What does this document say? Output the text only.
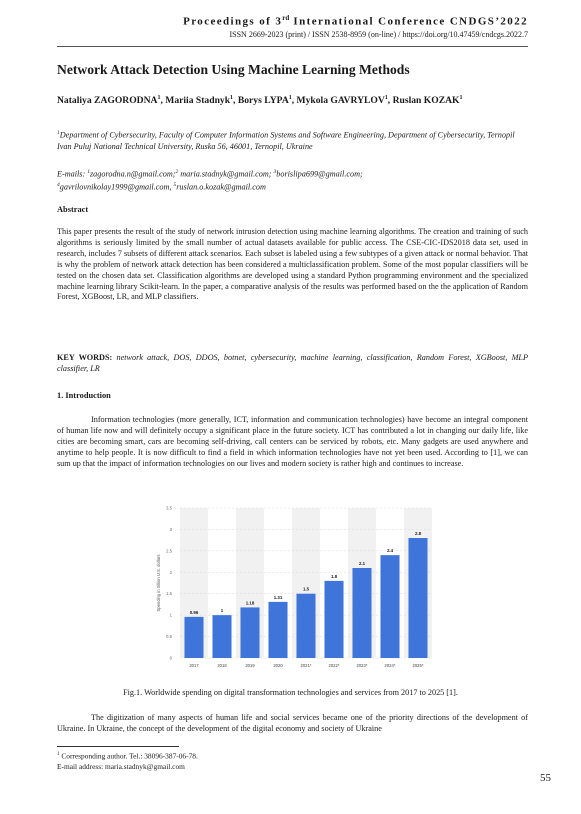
Proceedings of 3rd International Conference CNDGS’2022
ISSN 2669-2023 (print) / ISSN 2538-8959 (on-line) / https://doi.org/10.47459/cndcgs.2022.7
Network Attack Detection Using Machine Learning Methods
Nataliya ZAGORODNA$^1$, Mariia Stadnyk$^1$, Borys LYPA$^1$, Mykola GAVRYLOV$^1$, Ruslan KOZAK$^1$
$^1$Department of Cybersecurity, Faculty of Computer Information Systems and Software Engineering, Department of Cybersecurity, Ternopil Ivan Puluj National Technical University, Ruska 56, 46001, Ternopil, Ukraine
E-mails: $^1$zagorodna.n@gmail.com;$^2$ maria.stadnyk@gmail.com; $^3$borislipa699@gmail.com;
$^4$gavrilovnikolay1999@gmail.com, $^5$ruslan.o.kozak@gmail.com
Abstract
This paper presents the result of the study of network intrusion detection using machine learning algorithms. The creation and training of such algorithms is seriously limited by the small number of actual datasets available for public access. The CSE-CIC-IDS2018 data set, used in research, includes 7 subsets of different attack scenarios. Each subset is labeled using a few subtypes of a given attack or normal behavior. That is why the problem of network attack detection has been considered a multiclassification problem. Some of the most popular classifiers will be tested on the chosen data set. Classification algorithms are developed using a standard Python programming environment and the specialized machine learning library Scikit-learn. In the paper, a comparative analysis of the results was performed based on the the application of Random Forest, XGBoost, LR, and MLP classifiers.
KEY WORDS: network attack, DOS, DDOS, botnet, cybersecurity, machine learning, classification, Random Forest, XGBoost, MLP classifier, LR
1. Introduction
Information technologies (more generally, ICT, information and communication technologies) have become an integral component of human life now and will definitely occupy a significant place in the future society. ICT has contributed a lot in changing our daily life, like cities are becoming smart, cars are becoming self-driving, call centers can be serviced by robots, etc. Many gadgets are used anywhere and anytime to help people. It is now difficult to find a field in which information technologies have not yet been used. According to [1], we can sum up that the impact of information technologies on our lives and modern society is rather high and continues to increase.
0
0.5
1
1.5
2
2.5
3
3.5
0.96
2017
1
2018
1.18
2019
1.31
2020
1.5
2021*
1.8
2022*
2.1
2023*
2.4
2024*
2.8
2025*
Spending in trillion U.S. dollars
Fig.1. Worldwide spending on digital transformation technologies and services from 2017 to 2025 [1].
The digitization of many aspects of human life and social services became one of the priority directions of the development of Ukraine. In Ukraine, the concept of the development of the digital economy and society of Ukraine
$^1$ Corresponding author. Tel.: 38096-387-06-78.
E-mail address: maria.stadnyk@gmail.com
55
